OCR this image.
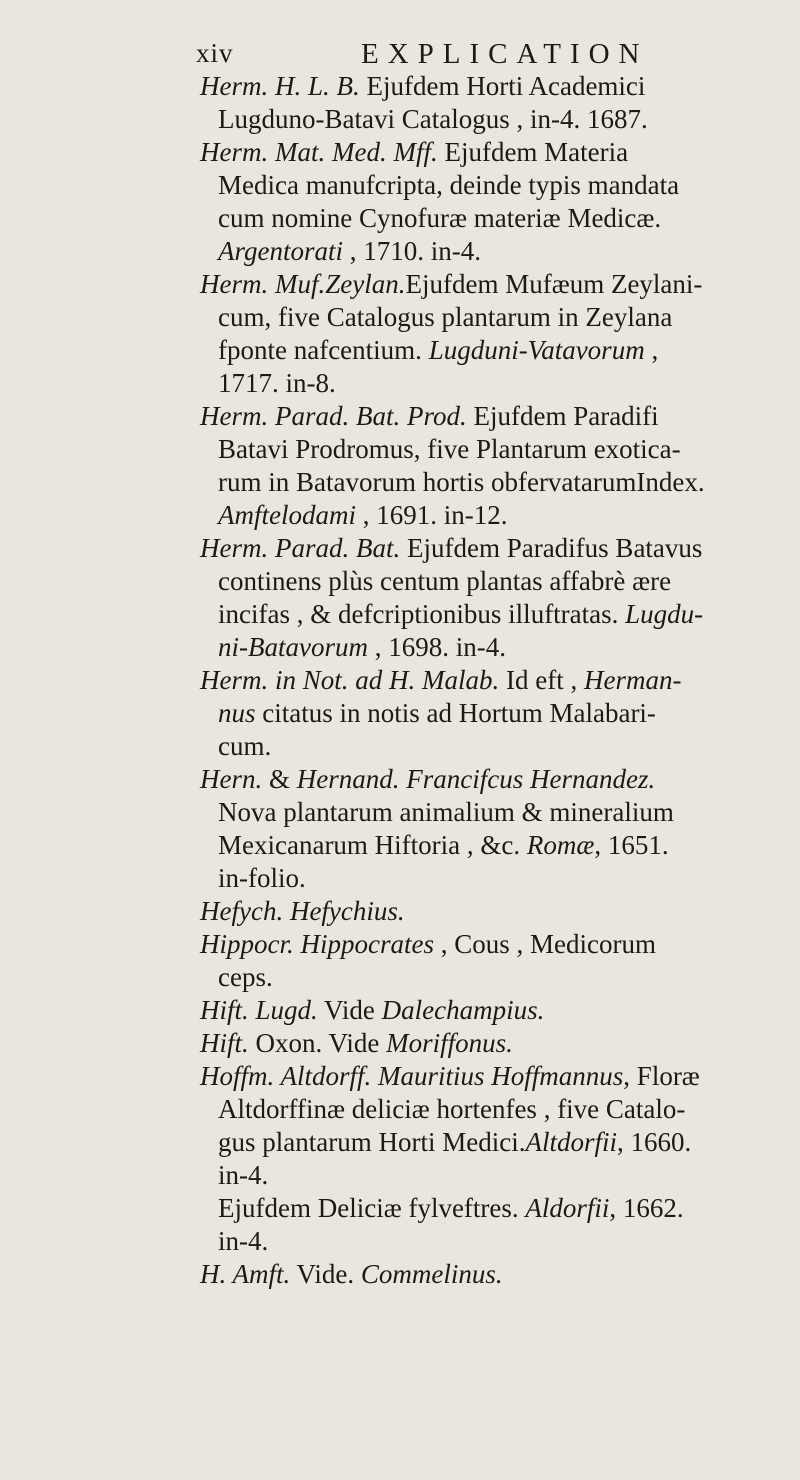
xiv	EXPLICATION
Herm. H. L. B. Ejufdem Horti Academici
Lugduno-Batavi Catalogus , in-4. 1687.
Herm. Mat. Med. Mff. Ejufdem Materia
Medica manufcripta, deinde typis mandata
cum nomine Cynofuræ materiæ Medicæ.
Argentorati , 1710. in-4.
Herm. Muf.Zeylan.Ejufdem Mufæum Zeylani-
cum, five Catalogus plantarum in Zeylana
fponte nafcentium. Lugduni-Vatavorum ,
1717. in-8.
Herm. Parad. Bat. Prod. Ejufdem Paradifi
Batavi Prodromus, five Plantarum exotica-
rum in Batavorum hortis obfervatarumIndex.
Amftelodami , 1691. in-12.
Herm. Parad. Bat. Ejufdem Paradifus Batavus
continens plùs centum plantas affabrè ære
incifas , & defcriptionibus illuftratas. Lugdu-
ni-Batavorum , 1698. in-4.
Herm. in Not. ad H. Malab. Id eft , Herman-
nus citatus in notis ad Hortum Malabari-
cum.
Hern. & Hernand. Francifcus Hernandez.
Nova plantarum animalium & mineralium
Mexicanarum Hiftoria , &c. Romæ, 1651.
in-folio.
Hefych. Hefychius.
Hippocr. Hippocrates , Cous , Medicorum
ceps.
Hift. Lugd. Vide Dalechampius.
Hift. Oxon. Vide Moriffonus.
Hoffm. Altdorff. Mauritius Hoffmannus, Floræ
Altdorffinæ deliciæ hortenfes , five Catalo-
gus plantarum Horti Medici.Altdorfii, 1660.
in-4.
Ejufdem Deliciæ fylveftres. Aldorfii, 1662.
in-4.
H. Amft. Vide. Commelinus.
